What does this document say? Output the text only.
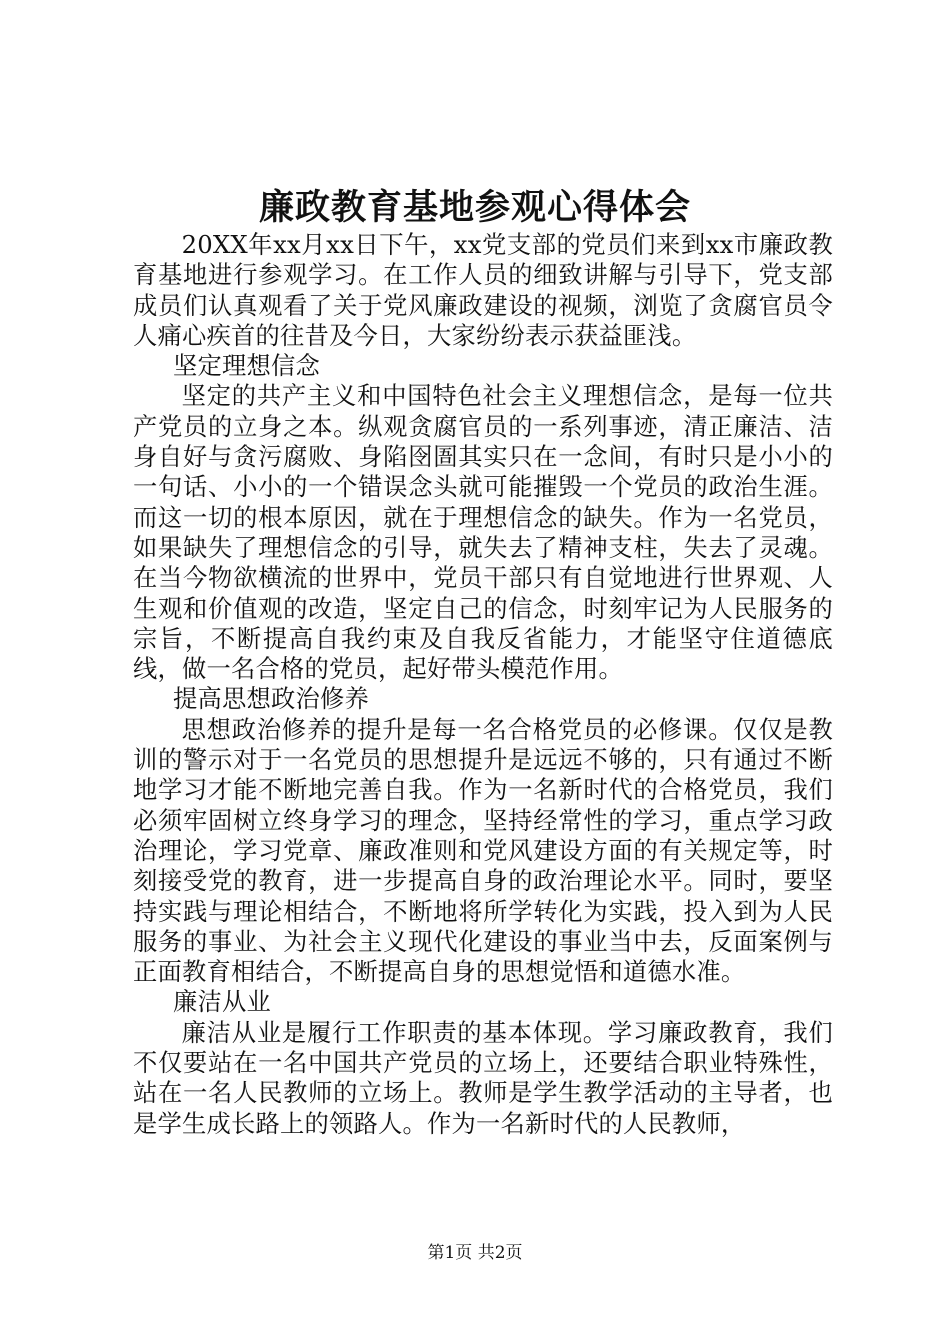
廉政教育基地参观心得体会

20XX年xx月xx日下午，xx党支部的党员们来到xx市廉政教育基地进行参观学习。在工作人员的细致讲解与引导下，党支部成员们认真观看了关于党风廉政建设的视频，浏览了贪腐官员令人痛心疾首的往昔及今日，大家纷纷表示获益匪浅。

坚定理想信念

坚定的共产主义和中国特色社会主义理想信念，是每一位共产党员的立身之本。纵观贪腐官员的一系列事迹，清正廉洁、洁身自好与贪污腐败、身陷囹圄其实只在一念间，有时只是小小的一句话、小小的一个错误念头就可能摧毁一个党员的政治生涯。而这一切的根本原因，就在于理想信念的缺失。作为一名党员，如果缺失了理想信念的引导，就失去了精神支柱，失去了灵魂。在当今物欲横流的世界中，党员干部只有自觉地进行世界观、人生观和价值观的改造，坚定自己的信念，时刻牢记为人民服务的宗旨，不断提高自我约束及自我反省能力，才能坚守住道德底线，做一名合格的党员，起好带头模范作用。

提高思想政治修养

思想政治修养的提升是每一名合格党员的必修课。仅仅是教训的警示对于一名党员的思想提升是远远不够的，只有通过不断地学习才能不断地完善自我。作为一名新时代的合格党员，我们必须牢固树立终身学习的理念，坚持经常性的学习，重点学习政治理论，学习党章、廉政准则和党风建设方面的有关规定等，时刻接受党的教育，进一步提高自身的政治理论水平。同时，要坚持实践与理论相结合，不断地将所学转化为实践，投入到为人民服务的事业、为社会主义现代化建设的事业当中去，反面案例与正面教育相结合，不断提高自身的思想觉悟和道德水准。

廉洁从业

廉洁从业是履行工作职责的基本体现。学习廉政教育，我们不仅要站在一名中国共产党员的立场上，还要结合职业特殊性，站在一名人民教师的立场上。教师是学生教学活动的主导者，也是学生成长路上的领路人。作为一名新时代的人民教师，

第1页 共2页
